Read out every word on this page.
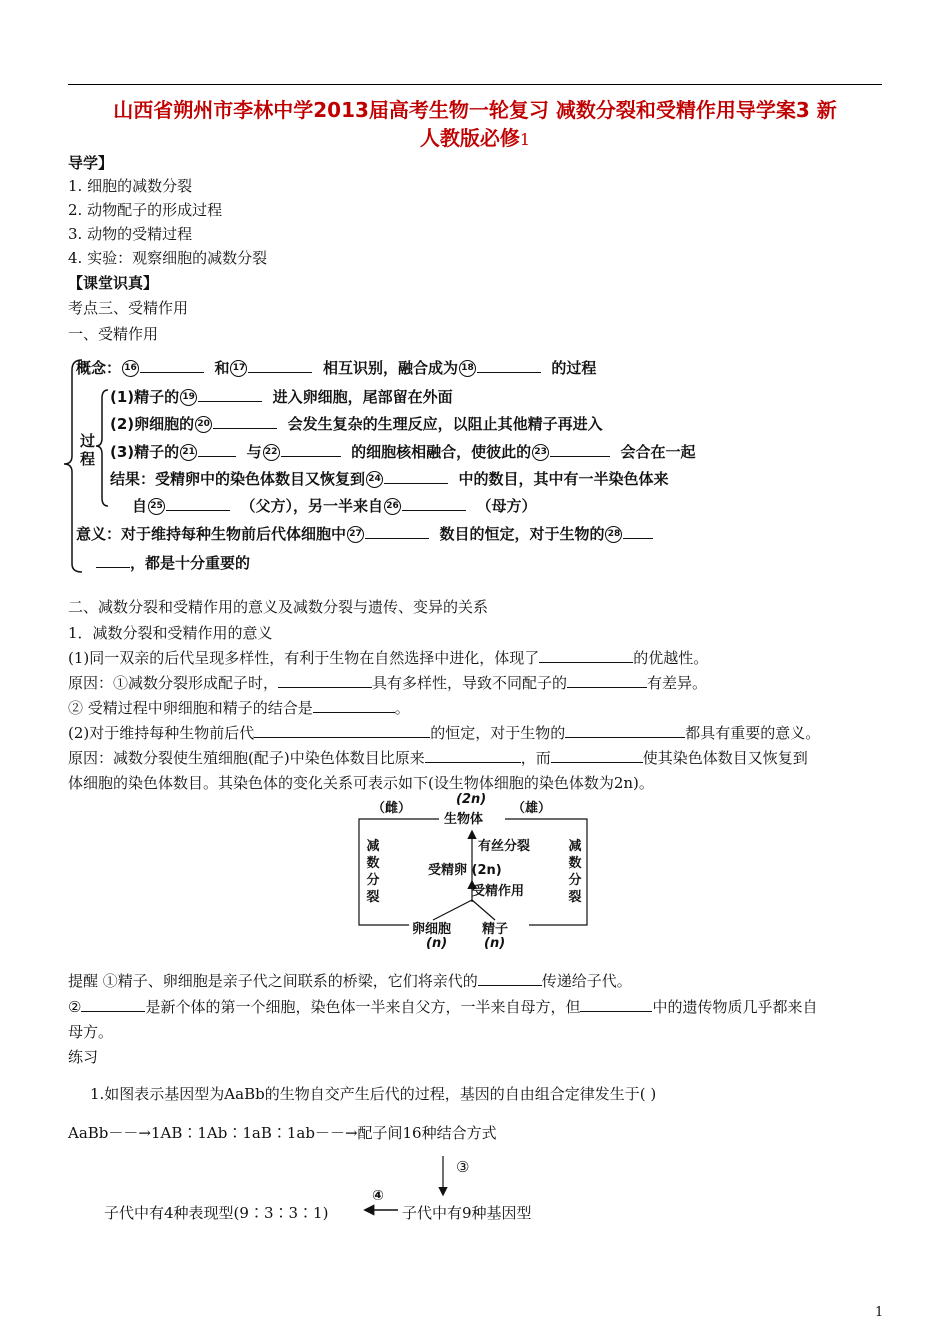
山西省朔州市李林中学2013届高考生物一轮复习 减数分裂和受精作用导学案3 新
人教版必修1
导学】
1. 细胞的减数分裂
2. 动物配子的形成过程
3. 动物的受精过程
4. 实验：观察细胞的减数分裂
【课堂识真】
考点三、受精作用
一、受精作用
概念： 16	和 17	相互识别，融合成为 18	的过程
过程
(1)精子的 19	进入卵细胞，尾部留在外面
(2)卵细胞的 20	会发生复杂的生理反应，以阻止其他精子再进入
(3)精子的 21	与 22	的细胞核相融合，使彼此的 23	会合在一起
结果：受精卵中的染色体数目又恢复到 24	中的数目，其中有一半染色体来
自 25	（父方），另一半来自 26	（母方）
意义：对于维持每种生物前后代体细胞中 27	数目的恒定，对于生物的 28
，都是十分重要的
二、减数分裂和受精作用的意义及减数分裂与遗传、变异的关系
1．减数分裂和受精作用的意义
(1)同一双亲的后代呈现多样性，有利于生物在自然选择中进化，体现了	的优越性。
原因：①减数分裂形成配子时，	具有多样性，导致不同配子的	有差异。
② 受精过程中卵细胞和精子的结合是	。
(2)对于维持每种生物前后代	的恒定，对于生物的	都具有重要的意义。
原因：减数分裂使生殖细胞(配子)中染色体数目比原来	，而	使其染色体数目又恢复到
体细胞的染色体数目。其染色体的变化关系可表示如下(设生物体细胞的染色体数为2n)。
（雌）
(2n)
（雄）
生物体
有丝分裂
受精卵 (2n)
受精作用
减数分裂
减数分裂
卵细胞
(n)
精子
(n)
提醒 ①精子、卵细胞是亲子代之间联系的桥梁，它们将亲代的	传递给子代。
②	是新个体的第一个细胞，染色体一半来自父方，一半来自母方，但	中的遗传物质几乎都来自
母方。
练习
1.如图表示基因型为AaBb的生物自交产生后代的过程，基因的自由组合定律发生于( )
AaBb－－→1AB∶1Ab∶1aB∶1ab－－→配子间16种结合方式
③
④
子代中有4种表现型(9∶3∶3∶1)	子代中有9种基因型
1
